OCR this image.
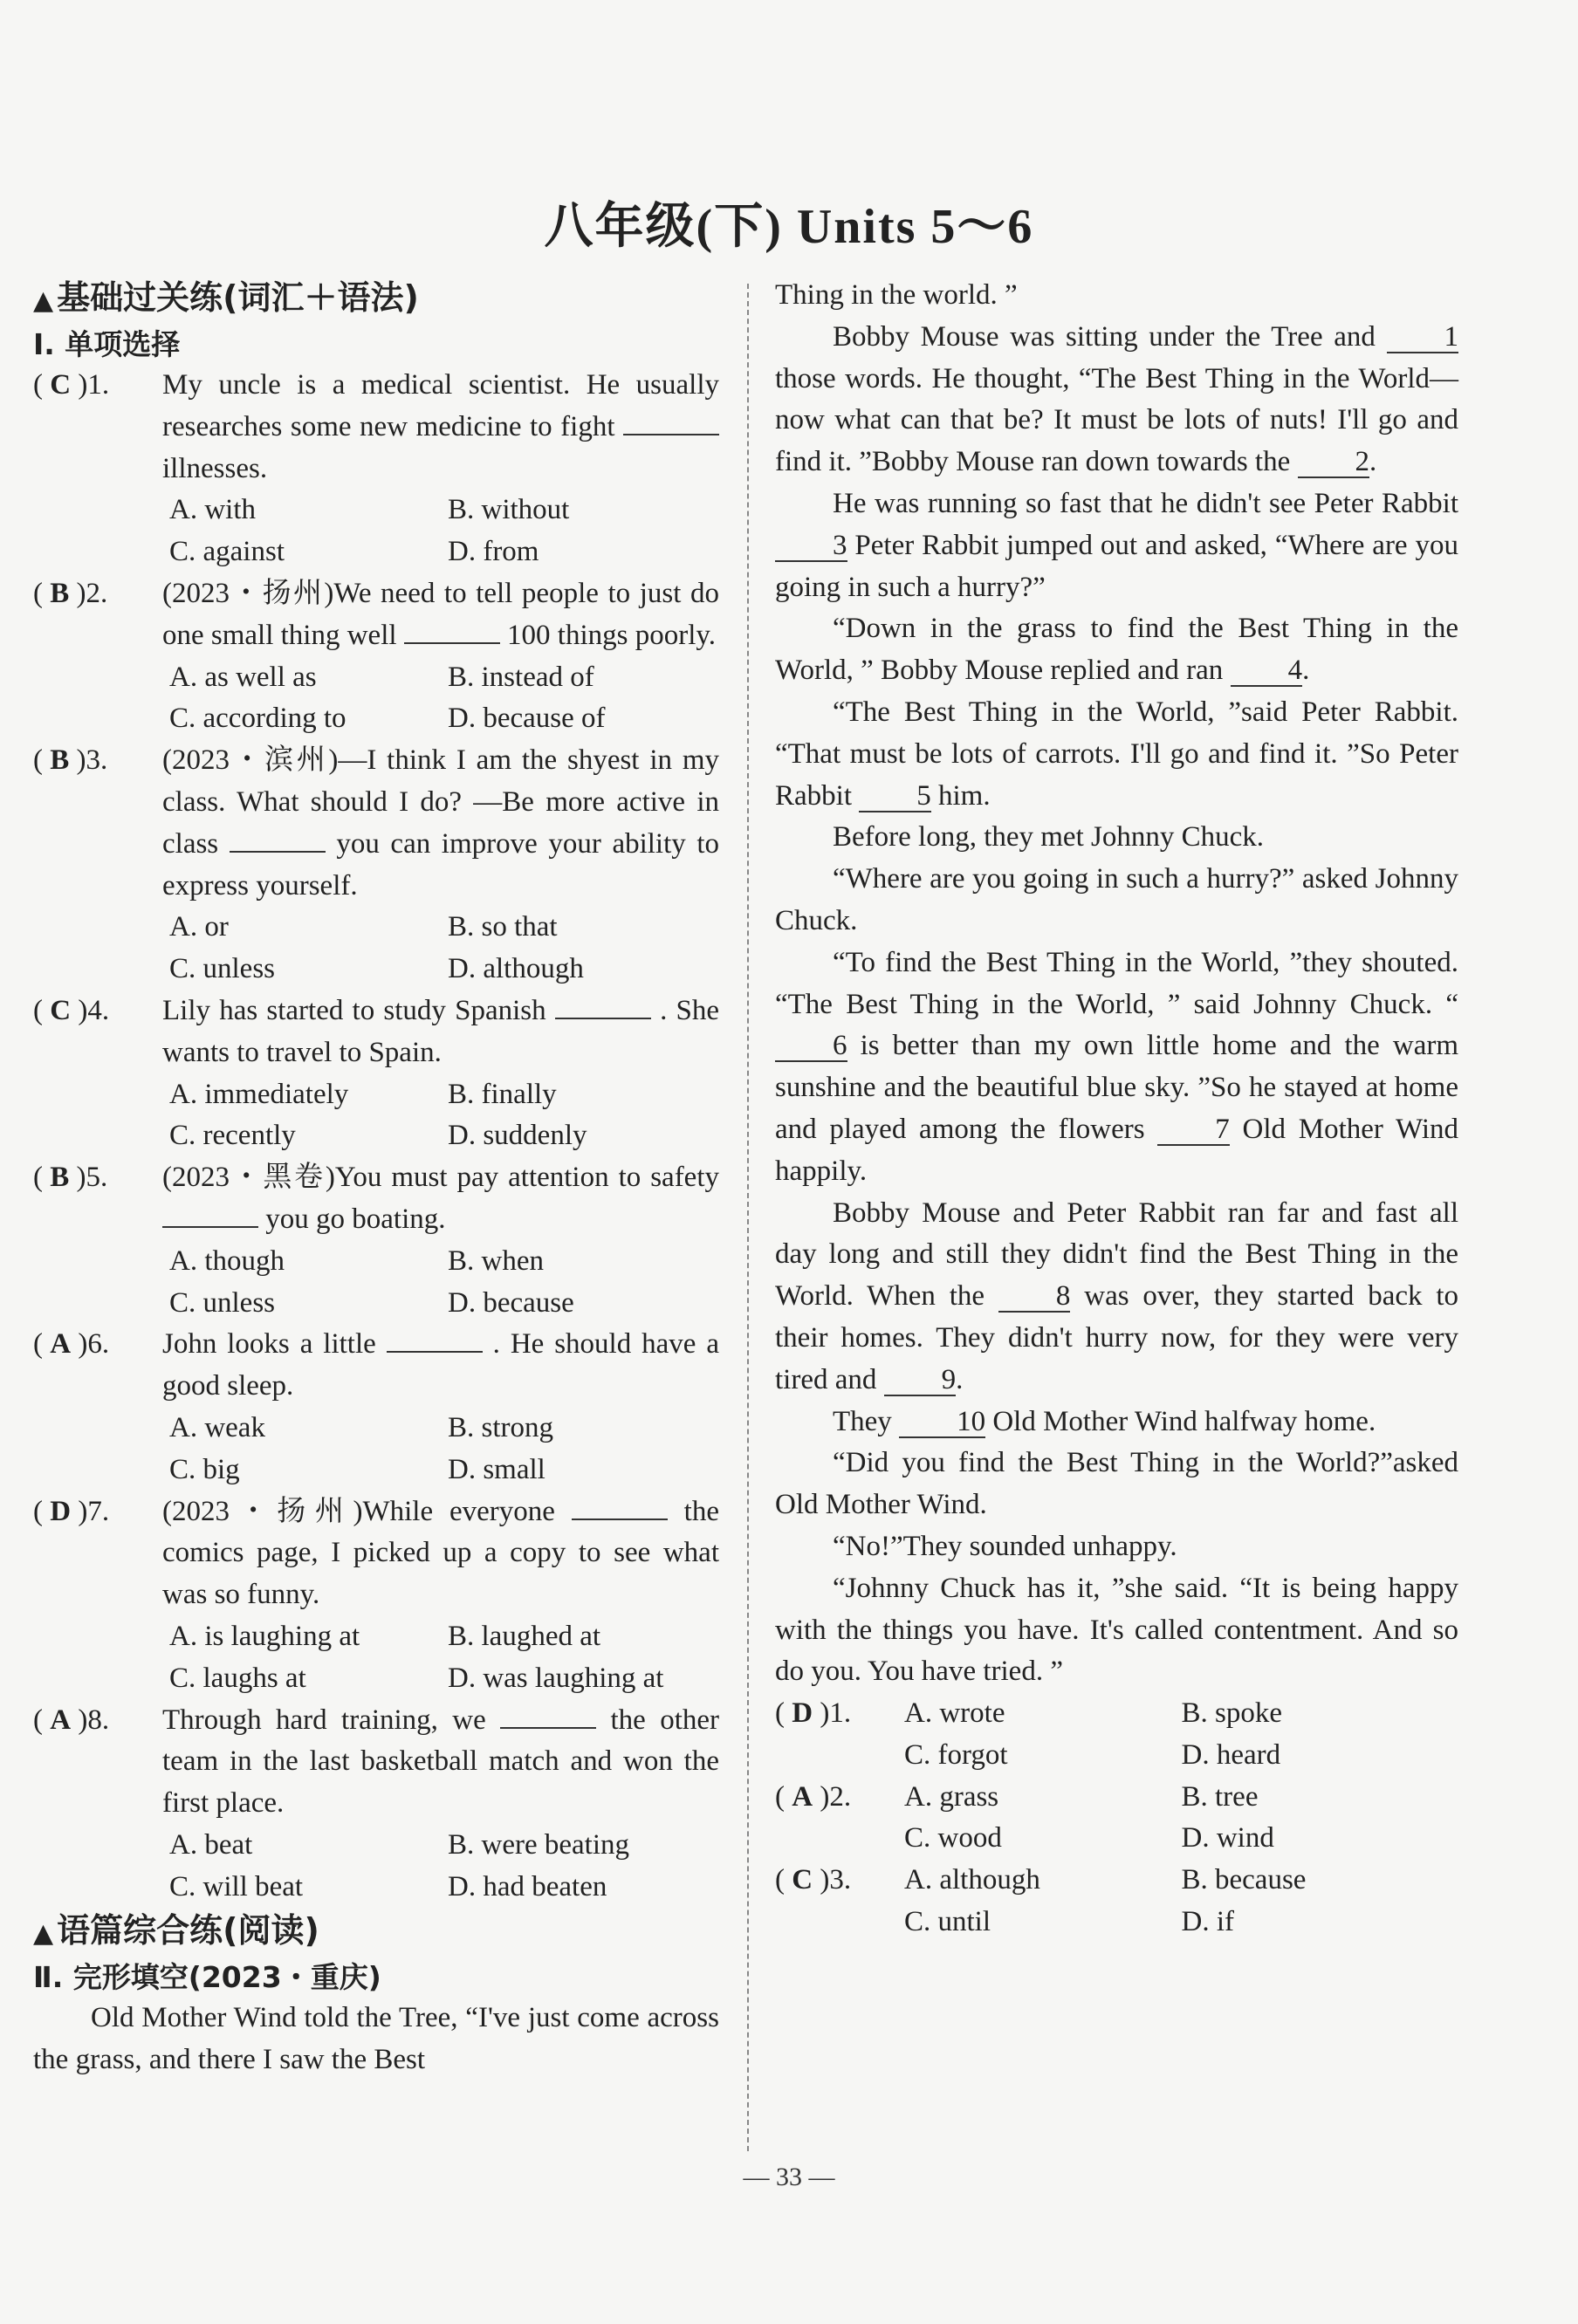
八年级(下) Units 5～6
▲ 基础过关练(词汇＋语法)
Ⅰ. 单项选择
( C )1.	My uncle is a medical scientist. He usually researches some new medicine to fight  illnesses.
A. with	B. without
C. against	D. from
( B )2.	(2023・扬州)We need to tell people to just do one small thing well	100 things poorly.
A. as well as	B. instead of
C. according to	D. because of
( B )3.	(2023・滨州)—I think I am the shyest in my class. What should I do? —Be more active in class	you can improve your ability to express yourself.
A. or	B. so that
C. unless	D. although
( C )4.	Lily has started to study Spanish	. She wants to travel to Spain.
A. immediately	B. finally
C. recently	D. suddenly
( B )5.	(2023・黑卷)You must pay attention to safety  you go boating.
A. though	B. when
C. unless	D. because
( A )6.	John looks a little	. He should have a good sleep.
A. weak	B. strong
C. big	D. small
( D )7.	(2023・扬州)While everyone	the comics page, I picked up a copy to see what was so funny.
A. is laughing at	B. laughed at
C. laughs at	D. was laughing at
( A )8.	Through hard training, we	the other team in the last basketball match and won the first place.
A. beat	B. were beating
C. will beat	D. had beaten
▲ 语篇综合练(阅读)
Ⅱ. 完形填空(2023・重庆)
Old Mother Wind told the Tree, “I've just come across the grass, and there I saw the Best
Thing in the world. ”
Bobby Mouse was sitting under the Tree and 1 those words. He thought, “The Best Thing in the World—now what can that be? It must be lots of nuts! I'll go and find it. ”Bobby Mouse ran down towards the 2.
He was running so fast that he didn't see Peter Rabbit 3 Peter Rabbit jumped out and asked, “Where are you going in such a hurry?”
“Down in the grass to find the Best Thing in the World, ” Bobby Mouse replied and ran 4.
“The Best Thing in the World, ”said Peter Rabbit. “That must be lots of carrots. I'll go and find it. ”So Peter Rabbit 5 him.
Before long, they met Johnny Chuck.
“Where are you going in such a hurry?” asked Johnny Chuck.
“To find the Best Thing in the World, ”they shouted. “The Best Thing in the World, ” said Johnny Chuck. “6 is better than my own little home and the warm sunshine and the beautiful blue sky. ”So he stayed at home and played among the flowers 7 Old Mother Wind happily.
Bobby Mouse and Peter Rabbit ran far and fast all day long and still they didn't find the Best Thing in the World. When the 8 was over, they started back to their homes. They didn't hurry now, for they were very tired and 9.
They 10 Old Mother Wind halfway home.
“Did you find the Best Thing in the World?”asked Old Mother Wind.
“No!”They sounded unhappy.
“Johnny Chuck has it, ”she said. “It is being happy with the things you have. It's called contentment. And so do you. You have tried. ”
( D )1.	A. wrote	B. spoke
C. forgot	D. heard
( A )2.	A. grass	B. tree
C. wood	D. wind
( C )3.	A. although	B. because
C. until	D. if
— 33 —
